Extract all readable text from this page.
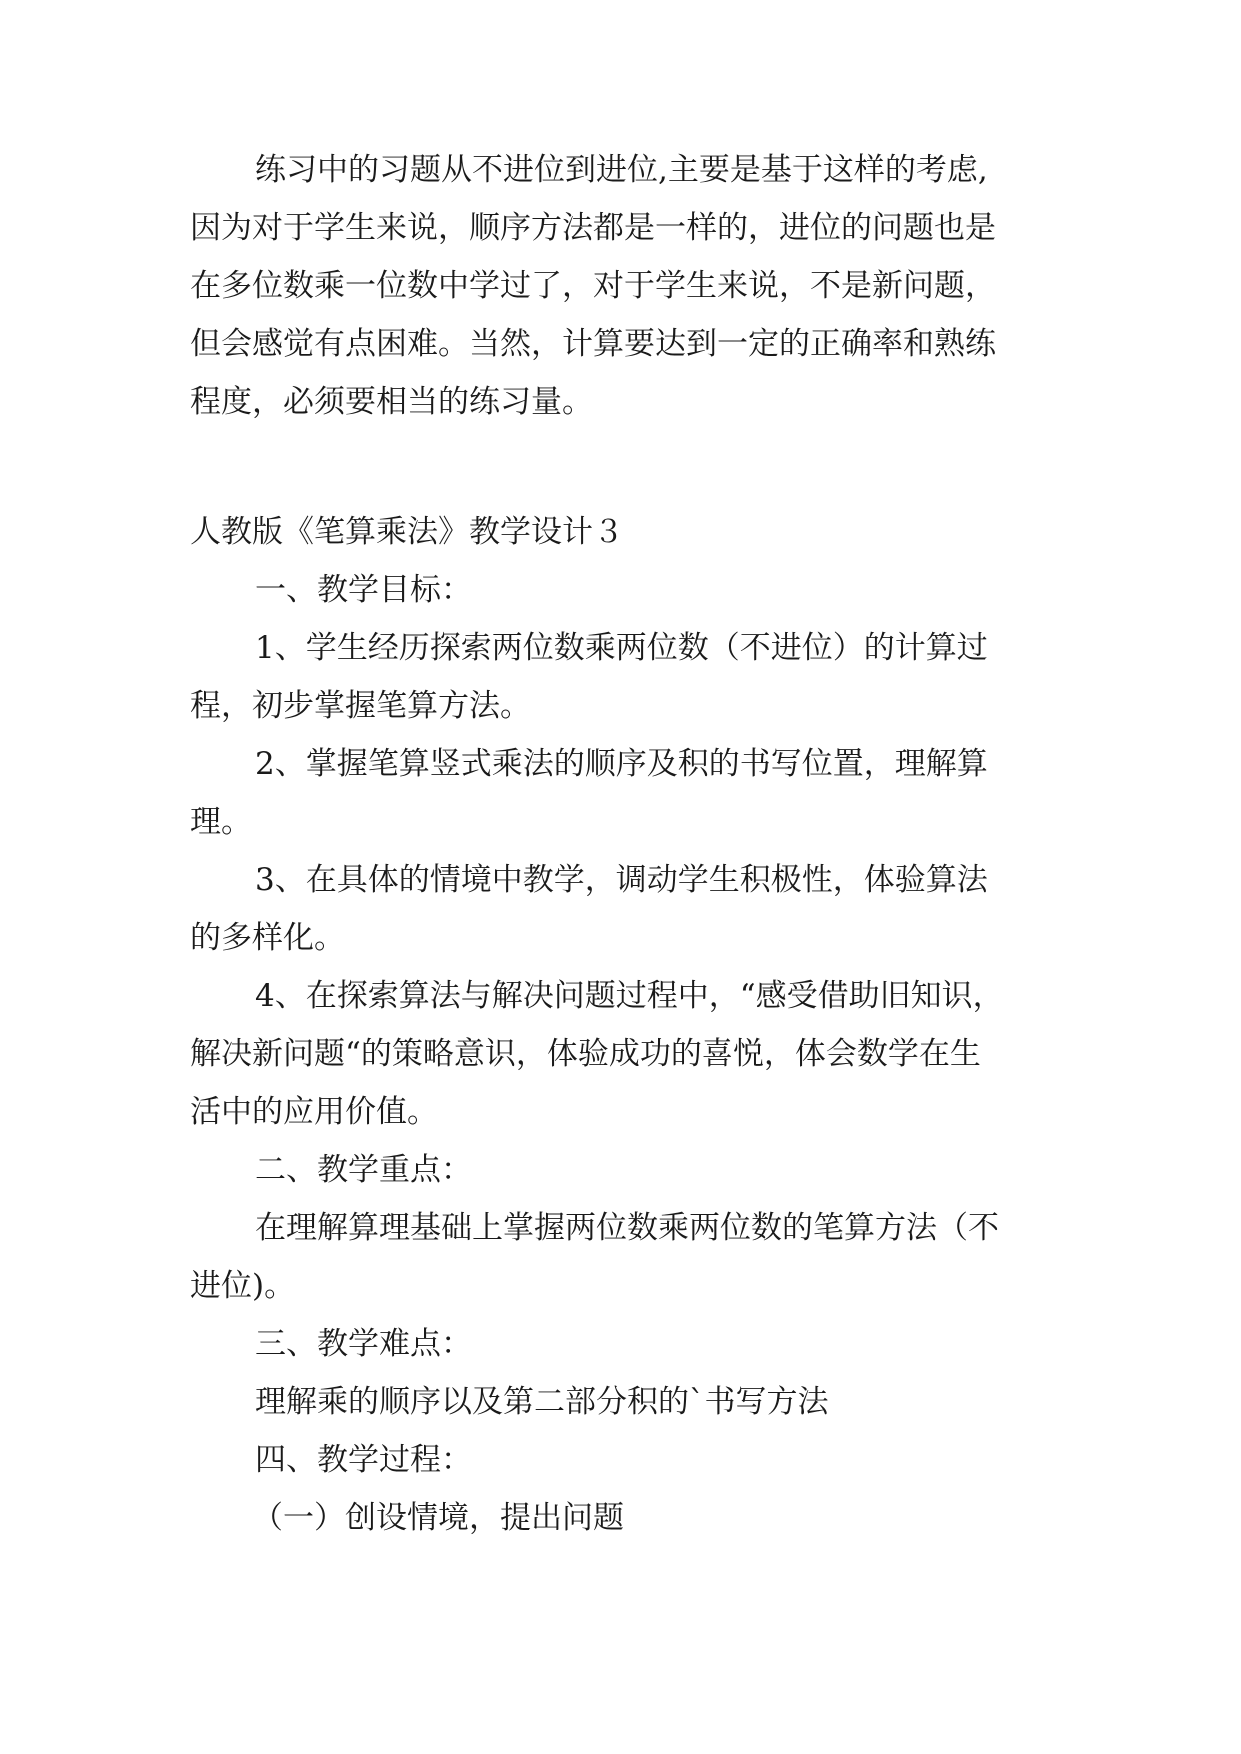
练习中的习题从不进位到进位,主要是基于这样的考虑,
因为对于学生来说，顺序方法都是一样的，进位的问题也是
在多位数乘一位数中学过了，对于学生来说，不是新问题，
但会感觉有点困难。当然，计算要达到一定的正确率和熟练
程度，必须要相当的练习量。
人教版《笔算乘法》教学设计３
一、教学目标：
1、学生经历探索两位数乘两位数（不进位）的计算过
程，初步掌握笔算方法。
2、掌握笔算竖式乘法的顺序及积的书写位置，理解算
理。
3、在具体的情境中教学，调动学生积极性，体验算法
的多样化。
4、在探索算法与解决问题过程中，“感受借助旧知识，
解决新问题“的策略意识，体验成功的喜悦，体会数学在生
活中的应用价值。
二、教学重点：
在理解算理基础上掌握两位数乘两位数的笔算方法（不
进位)。
三、教学难点：
理解乘的顺序以及第二部分积的`书写方法
四、教学过程：
（一）创设情境，提出问题
